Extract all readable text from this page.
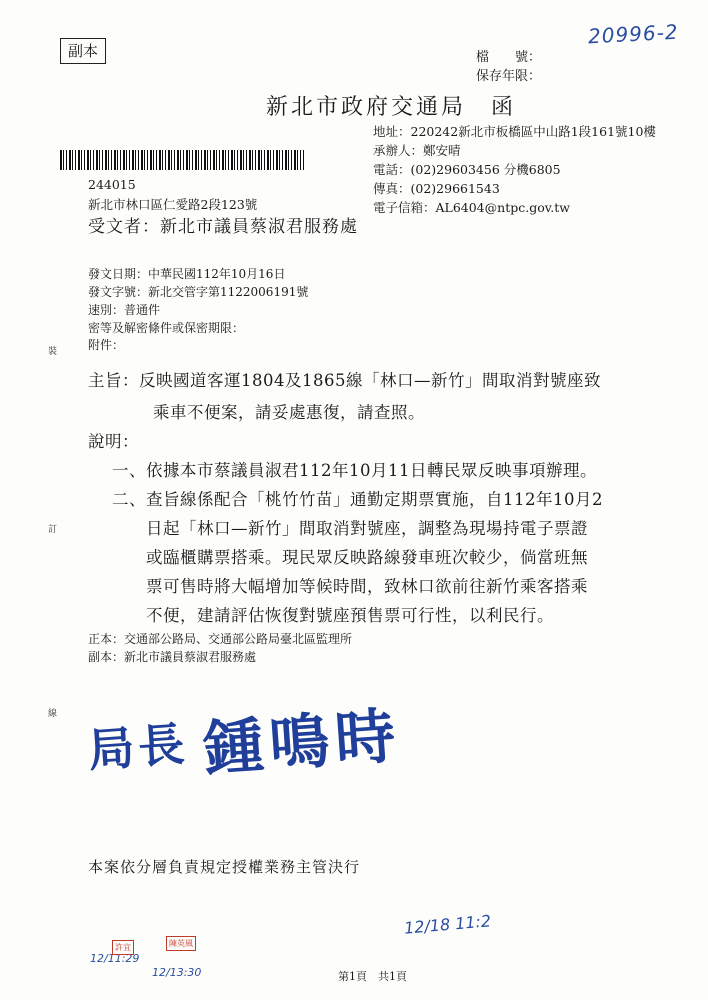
副本
20996-2
檔　　號：
保存年限：
新北市政府交通局　函
地址：220242新北市板橋區中山路1段161號10樓
承辦人：鄭安晴
電話：(02)29603456 分機6805
傳真：(02)29661543
電子信箱：AL6404@ntpc.gov.tw
244015
新北市林口區仁愛路2段123號
受文者：新北市議員蔡淑君服務處
發文日期：中華民國112年10月16日
發文字號：新北交管字第1122006191號
速別：普通件
密等及解密條件或保密期限：
附件：
裝
訂
線
主旨：反映國道客運1804及1865線「林口—新竹」間取消對號座致
乘車不便案，請妥處惠復，請查照。
說明：
一、依據本市蔡議員淑君112年10月11日轉民眾反映事項辦理。
二、查旨線係配合「桃竹竹苗」通勤定期票實施，自112年10月2
日起「林口—新竹」間取消對號座，調整為現場持電子票證
或臨櫃購票搭乘。現民眾反映路線發車班次較少，倘當班無
票可售時將大幅增加等候時間，致林口欲前往新竹乘客搭乘
不便，建請評估恢復對號座預售票可行性，以利民行。
正本：交通部公路局、交通部公路局臺北區監理所
副本：新北市議員蔡淑君服務處
局長 鍾鳴時
本案依分層負責規定授權業務主管決行
12/18 11:2
12/11:29
許宜	陳英風
12/13:30	第1頁　共1頁
